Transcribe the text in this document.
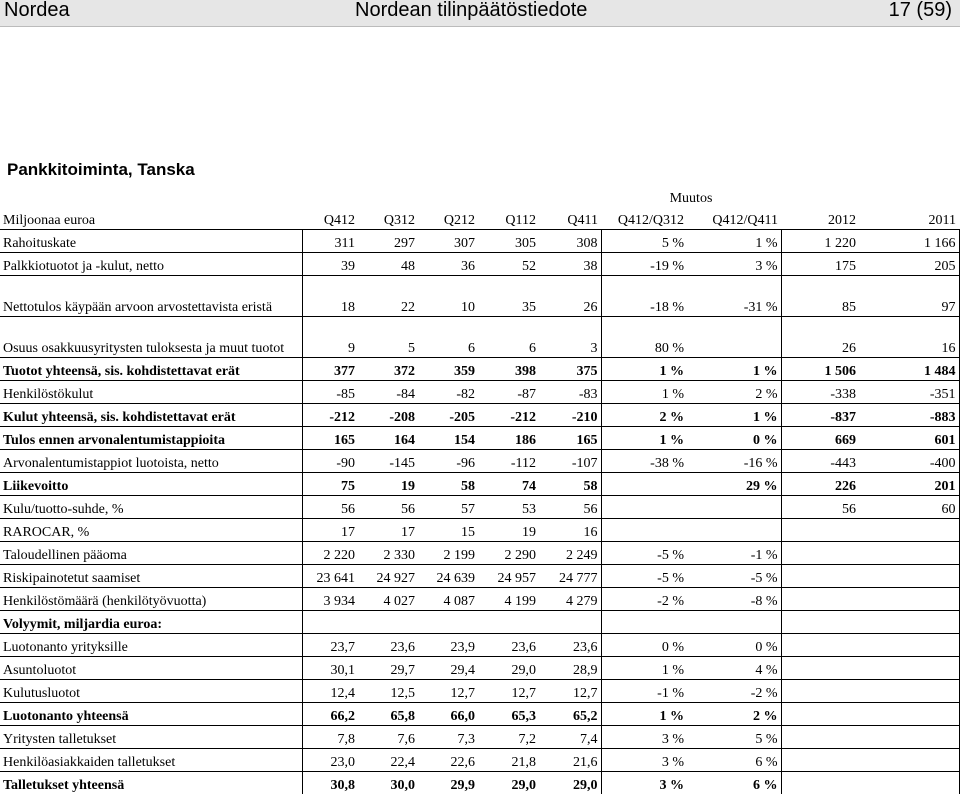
Nordea	Nordean tilinpäätöstiedote	17 (59)
Pankkitoiminta, Tanska
						Muutos			
Miljoonaa euroa	Q412	Q312	Q212	Q112	Q411	Q412/Q312	Q412/Q411	2012	2011
Rahoituskate	311	297	307	305	308	5 %	1 %	1 220	1 166
Palkkiotuotot ja -kulut, netto	39	48	36	52	38	-19 %	3 %	175	205
Nettotulos käypään arvoon arvostettavista eristä	18	22	10	35	26	-18 %	-31 %	85	97
Osuus osakkuusyritysten tuloksesta ja muut tuotot	9	5	6	6	3	80 %		26	16
Tuotot yhteensä, sis. kohdistettavat erät	377	372	359	398	375	1 %	1 %	1 506	1 484
Henkilöstökulut	-85	-84	-82	-87	-83	1 %	2 %	-338	-351
Kulut yhteensä, sis. kohdistettavat erät	-212	-208	-205	-212	-210	2 %	1 %	-837	-883
Tulos ennen arvonalentumistappioita	165	164	154	186	165	1 %	0 %	669	601
Arvonalentumistappiot luotoista, netto	-90	-145	-96	-112	-107	-38 %	-16 %	-443	-400
Liikevoitto	75	19	58	74	58		29 %	226	201
Kulu/tuotto-suhde, %	56	56	57	53	56			56	60
RAROCAR, %	17	17	15	19	16				
Taloudellinen pääoma	2 220	2 330	2 199	2 290	2 249	-5 %	-1 %		
Riskipainotetut saamiset	23 641	24 927	24 639	24 957	24 777	-5 %	-5 %		
Henkilöstömäärä (henkilötyövuotta)	3 934	4 027	4 087	4 199	4 279	-2 %	-8 %		
Volyymit, miljardia euroa:									
Luotonanto yrityksille	23,7	23,6	23,9	23,6	23,6	0 %	0 %		
Asuntoluotot	30,1	29,7	29,4	29,0	28,9	1 %	4 %		
Kulutusluotot	12,4	12,5	12,7	12,7	12,7	-1 %	-2 %		
Luotonanto yhteensä	66,2	65,8	66,0	65,3	65,2	1 %	2 %		
Yritysten talletukset	7,8	7,6	7,3	7,2	7,4	3 %	5 %		
Henkilöasiakkaiden talletukset	23,0	22,4	22,6	21,8	21,6	3 %	6 %		
Talletukset yhteensä	30,8	30,0	29,9	29,0	29,0	3 %	6 %		
